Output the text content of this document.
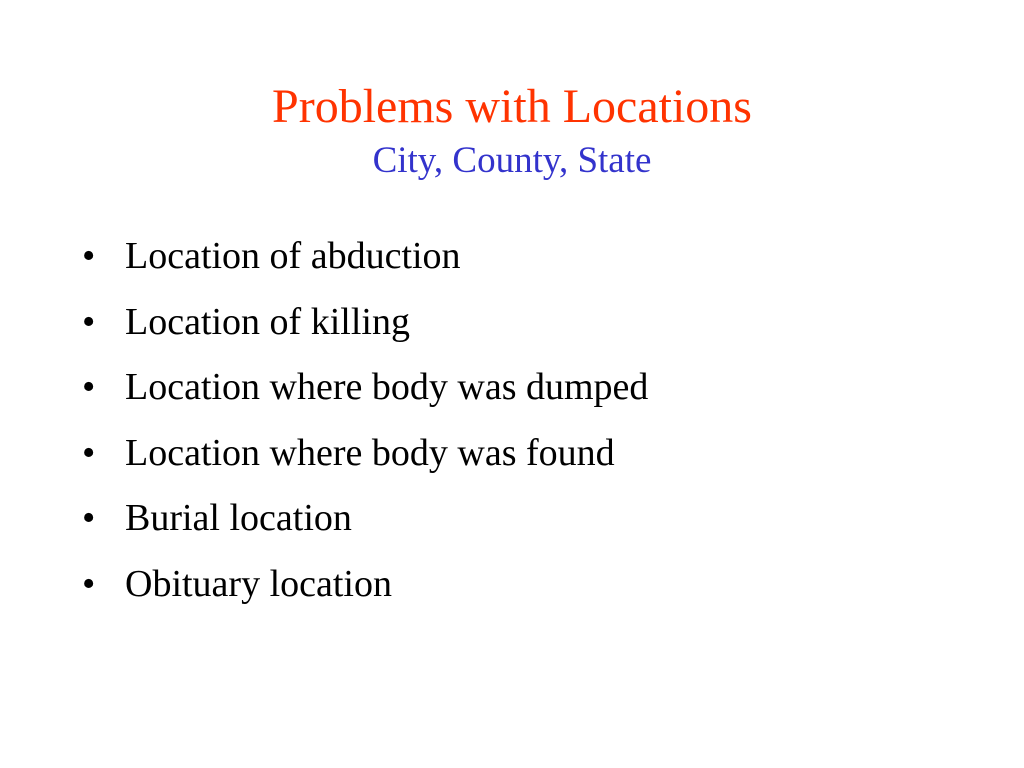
Problems with Locations
City, County, State
• Location of abduction
• Location of killing
• Location where body was dumped
• Location where body was found
• Burial location
• Obituary location
